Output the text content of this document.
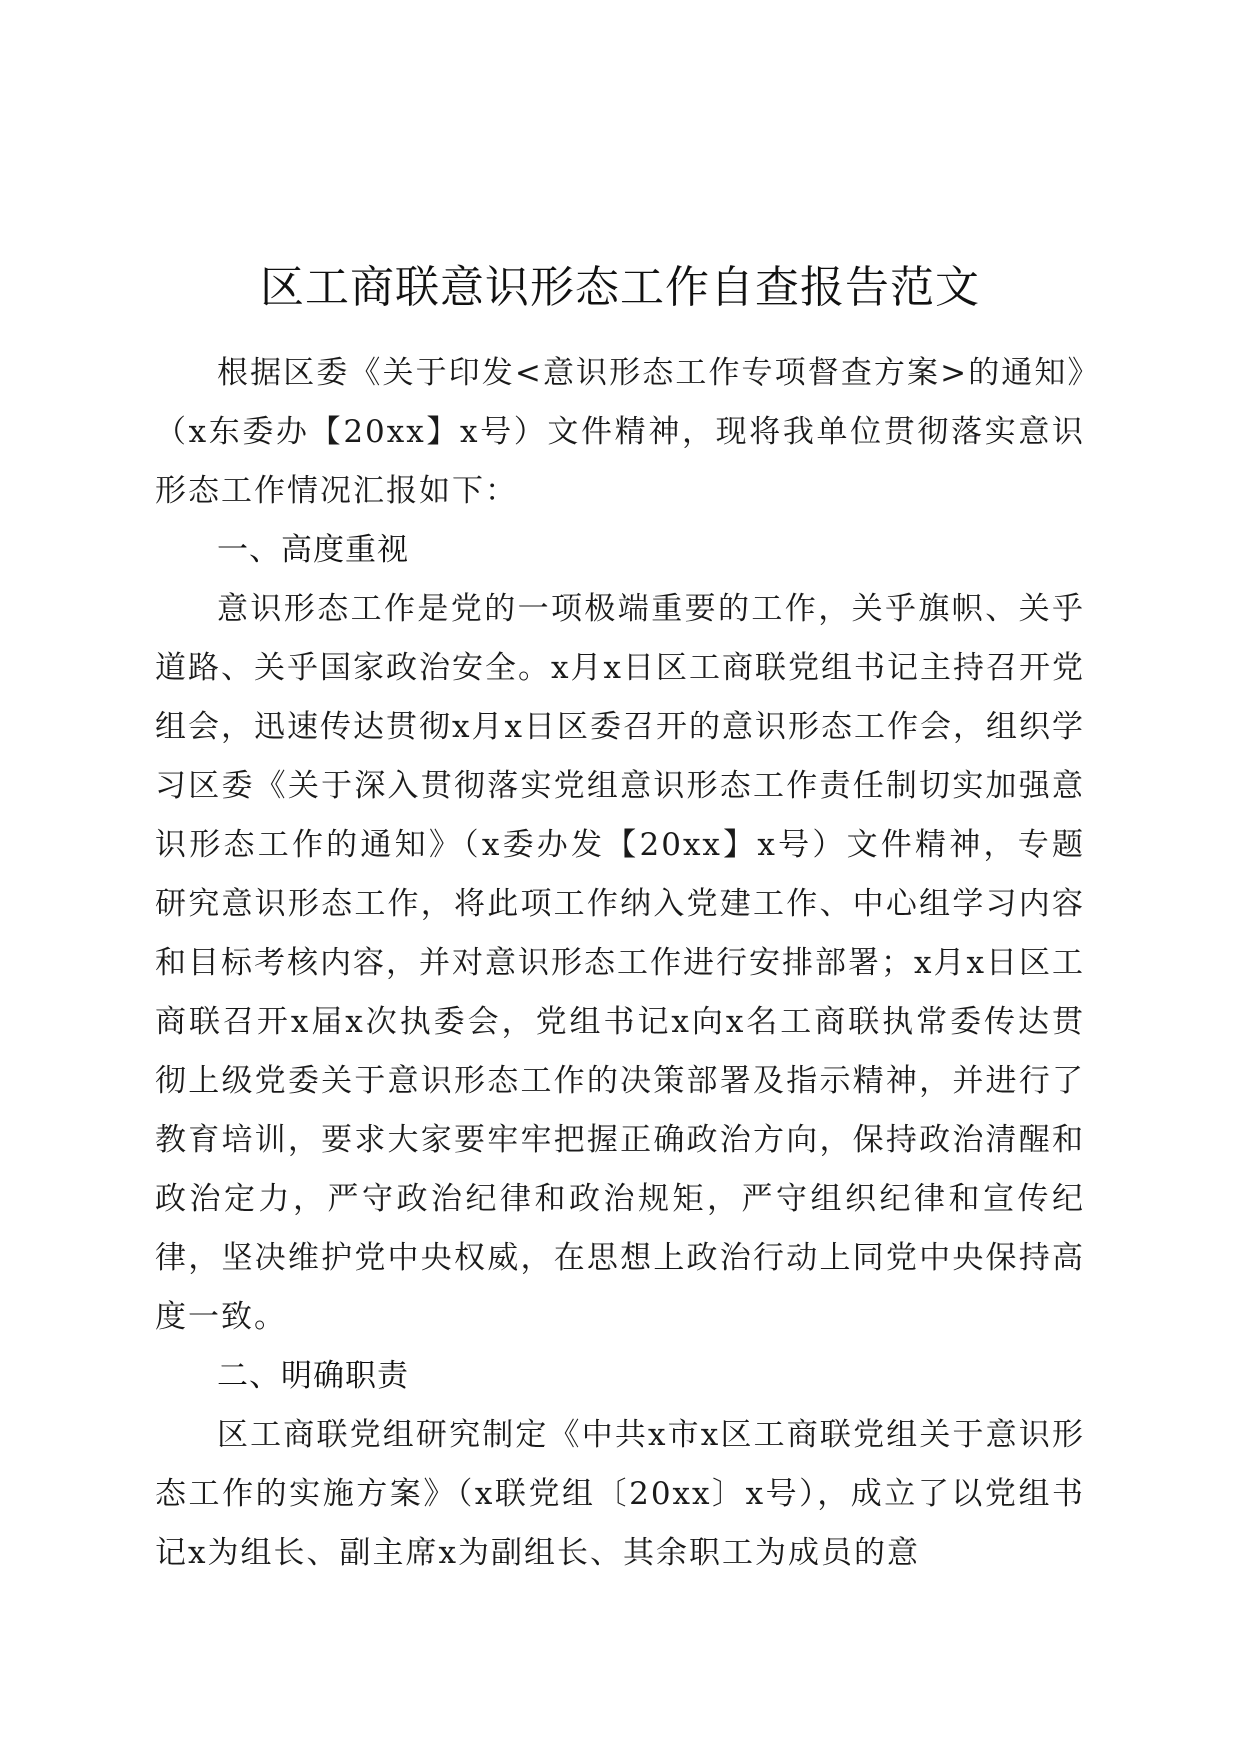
区工商联意识形态工作自查报告范文

根据区委《关于印发<意识形态工作专项督查方案>的通知》（x东委办【20xx】x号）文件精神，现将我单位贯彻落实意识形态工作情况汇报如下：

一、高度重视

意识形态工作是党的一项极端重要的工作，关乎旗帜、关乎道路、关乎国家政治安全。x月x日区工商联党组书记主持召开党组会，迅速传达贯彻x月x日区委召开的意识形态工作会，组织学习区委《关于深入贯彻落实党组意识形态工作责任制切实加强意识形态工作的通知》（x委办发【20xx】x号）文件精神，专题研究意识形态工作，将此项工作纳入党建工作、中心组学习内容和目标考核内容，并对意识形态工作进行安排部署；x月x日区工商联召开x届x次执委会，党组书记x向x名工商联执常委传达贯彻上级党委关于意识形态工作的决策部署及指示精神，并进行了教育培训，要求大家要牢牢把握正确政治方向，保持政治清醒和政治定力，严守政治纪律和政治规矩，严守组织纪律和宣传纪律，坚决维护党中央权威，在思想上政治行动上同党中央保持高度一致。

二、明确职责

区工商联党组研究制定《中共x市x区工商联党组关于意识形态工作的实施方案》（x联党组〔20xx〕x号），成立了以党组书记x为组长、副主席x为副组长、其余职工为成员的意
